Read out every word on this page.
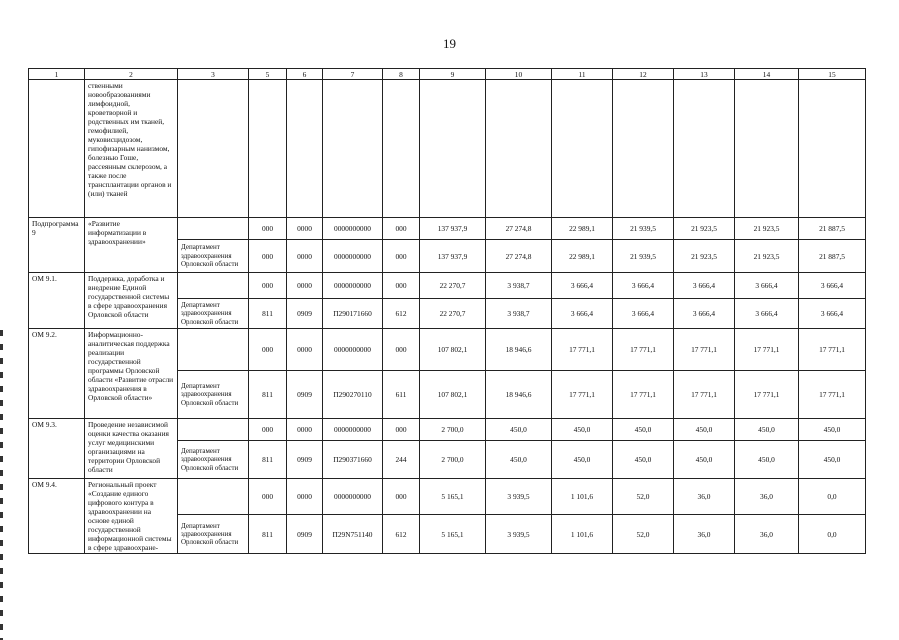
19
1	2	3	5	6	7	8	9	10	11	12	13	14	15
	ственными новообразованиями лимфоидной, кроветворной и родственных им тканей, гемофилией, муковисцидозом, гипофизарным нанизмом, болезнью Гоше, рассеянным склерозом, а также после трансплантации органов и (или) тканей												
Подпрограмма 9	«Развитие информатизации в здравоохранении»		000	0000	0000000000	000	137 937,9	27 274,8	22 989,1	21 939,5	21 923,5	21 923,5	21 887,5
		Департамент здравоохранения Орловской области	000	0000	0000000000	000	137 937,9	27 274,8	22 989,1	21 939,5	21 923,5	21 923,5	21 887,5
ОМ 9.1.	Поддержка, доработка и внедрение Единой государственной системы в сфере здравоохранения Орловской области		000	0000	0000000000	000	22 270,7	3 938,7	3 666,4	3 666,4	3 666,4	3 666,4	3 666,4
		Департамент здравоохранения Орловской области	811	0909	П290171660	612	22 270,7	3 938,7	3 666,4	3 666,4	3 666,4	3 666,4	3 666,4
ОМ 9.2.	Информационно-аналитическая поддержка реализации государственной программы Орловской области «Развитие отрасли здравоохранения в Орловской области»		000	0000	0000000000	000	107 802,1	18 946,6	17 771,1	17 771,1	17 771,1	17 771,1	17 771,1
		Департамент здравоохранения Орловской области	811	0909	П290270110	611	107 802,1	18 946,6	17 771,1	17 771,1	17 771,1	17 771,1	17 771,1
ОМ 9.3.	Проведение независимой оценки качества оказания услуг медицинскими организациями на территории Орловской области		000	0000	0000000000	000	2 700,0	450,0	450,0	450,0	450,0	450,0	450,0
		Департамент здравоохранения Орловской области	811	0909	П290371660	244	2 700,0	450,0	450,0	450,0	450,0	450,0	450,0
ОМ 9.4.	Региональный проект «Создание единого цифрового контура в здравоохранении на основе единой государственной информационной системы в сфере здравоохране-		000	0000	0000000000	000	5 165,1	3 939,5	1 101,6	52,0	36,0	36,0	0,0
		Департамент здравоохранения Орловской области	811	0909	П29N751140	612	5 165,1	3 939,5	1 101,6	52,0	36,0	36,0	0,0
